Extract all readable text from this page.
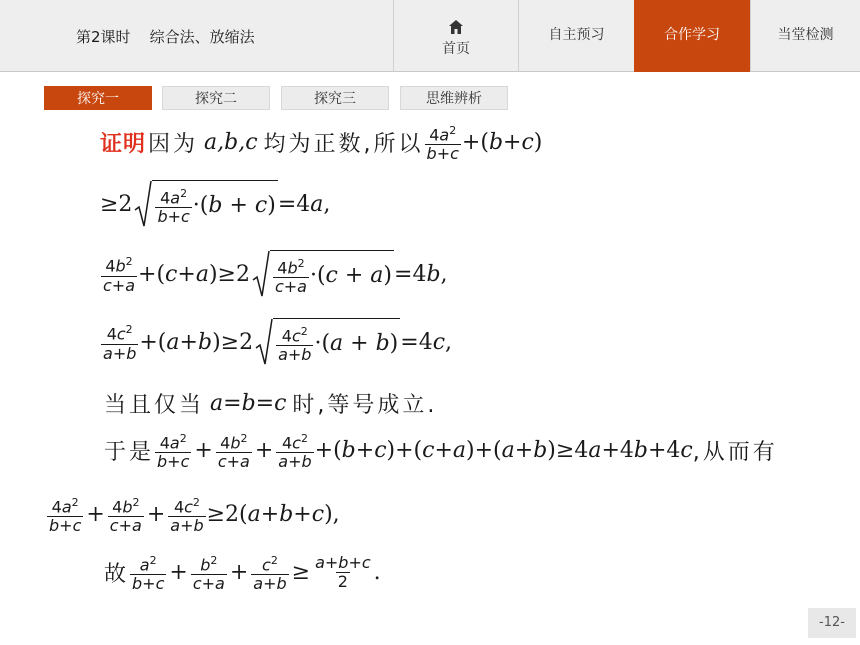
第2课时    综合法、放缩法
首页
自主预习	合作学习	当堂检测
探究一	探究二	探究三	思维辨析
证明 因为 a,b,c 均为正数,所以 $\frac{4a^2}{b+c} +(b+c)$
$\ge 2 \frac{4a^2}{b+c} \cdot(b + c) =4a$,
$\frac{4b^2}{c+a} +(c+a)\ge 2 \frac{4b^2}{c+a} \cdot(c + a) =4b$,
$\frac{4c^2}{a+b} +(a+b)\ge 2 \frac{4c^2}{a+b} \cdot(a + b) =4c$,
当且仅当 a=b=c 时,等号成立.
于是 $\frac{4a^2}{b+c} + \frac{4b^2}{c+a} + \frac{4c^2}{a+b} +(b+c)+(c+a)+(a+b)\ge 4a+4b+4c$ ,从而有
$\frac{4a^2}{b+c} + \frac{4b^2}{c+a} + \frac{4c^2}{a+b} \ge 2(a+b+c)$,
故 $\frac{a^2}{b+c} + \frac{b^2}{c+a} + \frac{c^2}{a+b} \ge \frac{a+b+c}{2}$ .
-12-
